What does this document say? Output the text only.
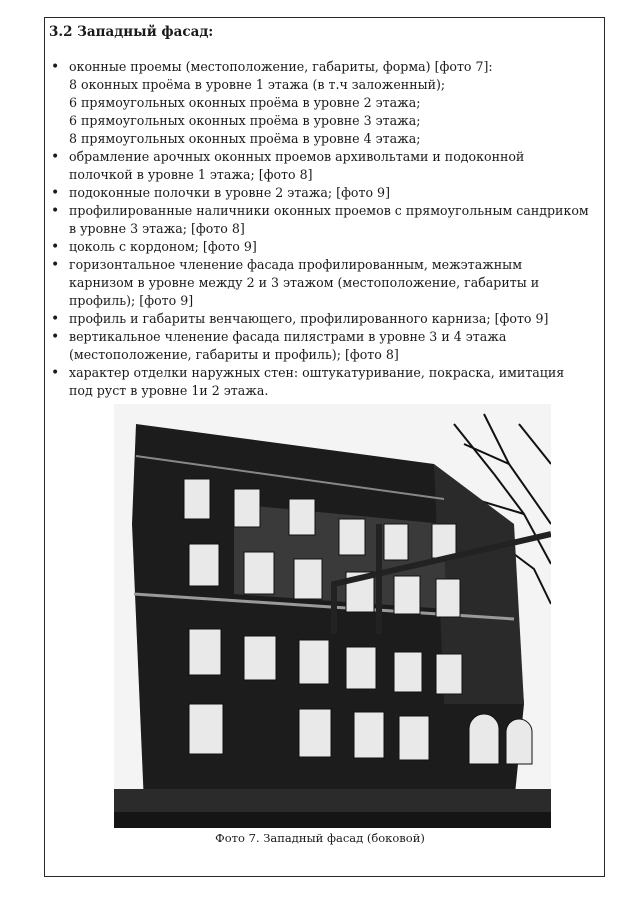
3.2 Западный фасад:
• оконные проемы (местоположение, габариты, форма) [фото 7]:
8 оконных проёма в уровне 1 этажа (в т.ч заложенный);
6 прямоугольных оконных проёма в уровне 2 этажа;
6 прямоугольных оконных проёма в уровне 3 этажа;
8 прямоугольных оконных проёма в уровне 4 этажа;
• обрамление арочных оконных проемов архивольтами и подоконной полочкой в уровне 1 этажа; [фото 8]
• подоконные полочки в уровне 2 этажа; [фото 9]
• профилированные наличники оконных проемов с прямоугольным сандриком в уровне 3 этажа; [фото 8]
• цоколь с кордоном; [фото 9]
• горизонтальное членение фасада профилированным, межэтажным карнизом в уровне между 2 и 3 этажом (местоположение, габариты и профиль); [фото 9]
• профиль и габариты венчающего, профилированного карниза; [фото 9]
• вертикальное членение фасада пилястрами в уровне 3 и 4 этажа (местоположение, габариты и профиль); [фото 8]
• характер отделки наружных стен: оштукатуривание, покраска, имитация под руст в уровне 1и 2 этажа.
Фото 7. Западный фасад (боковой)
